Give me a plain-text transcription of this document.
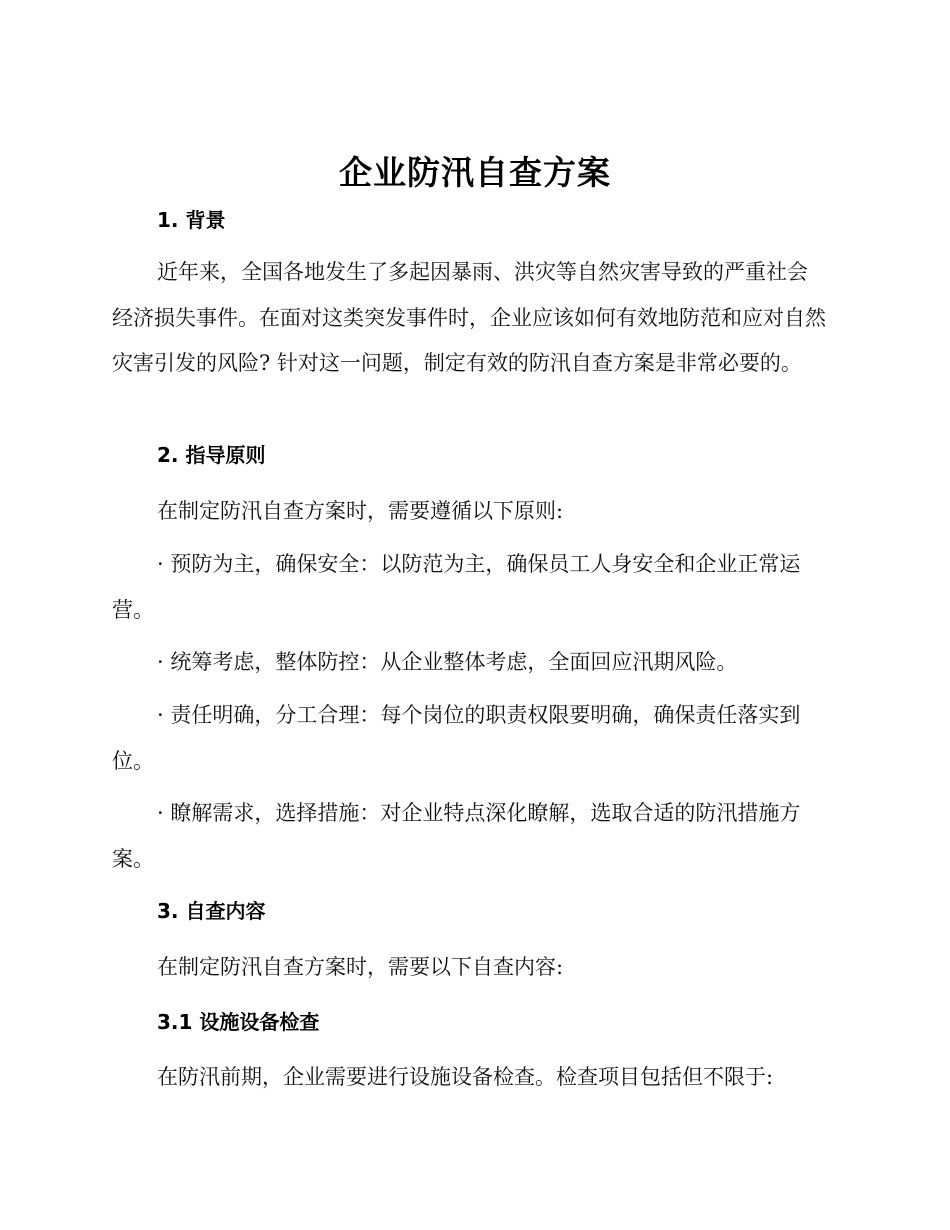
企业防汛自查方案
1. 背景
近年来，全国各地发生了多起因暴雨、洪灾等自然灾害导致的严重社会经济损失事件。在面对这类突发事件时，企业应该如何有效地防范和应对自然灾害引发的风险? 针对这一问题，制定有效的防汛自查方案是非常必要的。
2. 指导原则
在制定防汛自查方案时，需要遵循以下原则:
· 预防为主，确保安全：以防范为主，确保员工人身安全和企业正常运营。
· 统筹考虑，整体防控：从企业整体考虑，全面回应汛期风险。
· 责任明确，分工合理：每个岗位的职责权限要明确，确保责任落实到位。
· 瞭解需求，选择措施：对企业特点深化瞭解，选取合适的防汛措施方案。
3. 自查内容
在制定防汛自查方案时，需要以下自查内容:
3.1 设施设备检查
在防汛前期，企业需要进行设施设备检查。检查项目包括但不限于:
